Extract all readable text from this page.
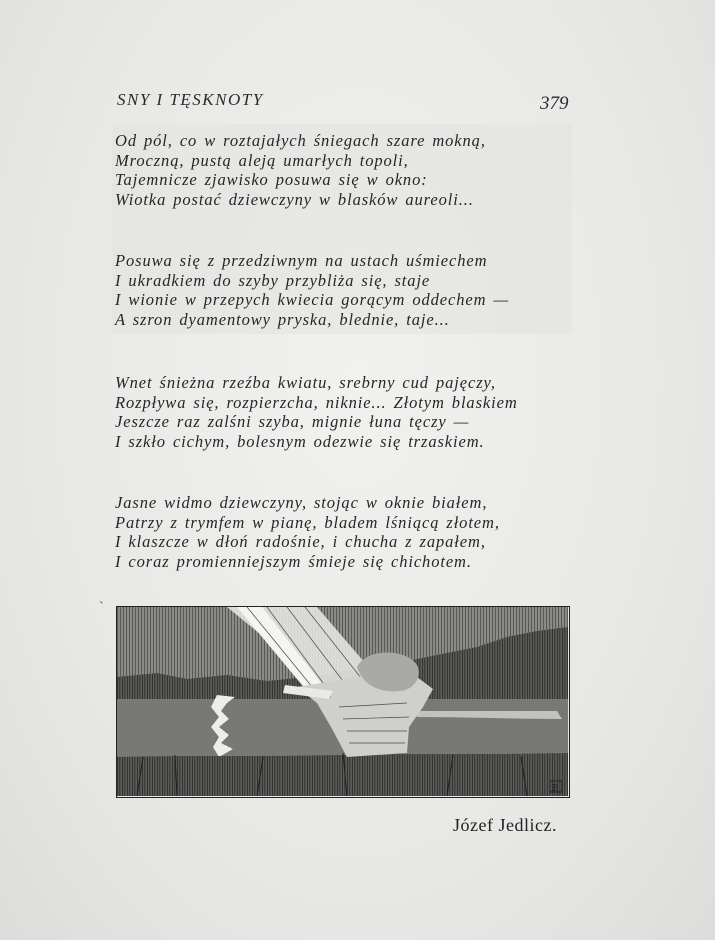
SNY I TĘSKNOTY	379
Od pól, co w roztajałych śniegach szare mokną,
Mroczną, pustą aleją umarłych topoli,
Tajemnicze zjawisko posuwa się w okno:
Wiotka postać dziewczyny w blasków aureoli...
Posuwa się z przedziwnym na ustach uśmiechem
I ukradkiem do szyby przybliża się, staje
I wionie w przepych kwiecia gorącym oddechem —
A szron dyamentowy pryska, blednie, taje...
Wnet śnieżna rzeźba kwiatu, srebrny cud pajęczy,
Rozpływa się, rozpierzcha, niknie... Złotym blaskiem
Jeszcze raz zalśni szyba, mignie łuna tęczy —
I szkło cichym, bolesnym odezwie się trzaskiem.
Jasne widmo dziewczyny, stojąc w oknie białem,
Patrzy z trymfem w pianę, bladem lśniącą złotem,
I klaszcze w dłoń radośnie, i chucha z zapałem,
I coraz promienniejszym śmieje się chichotem.
`
B
Józef Jedlicz.
